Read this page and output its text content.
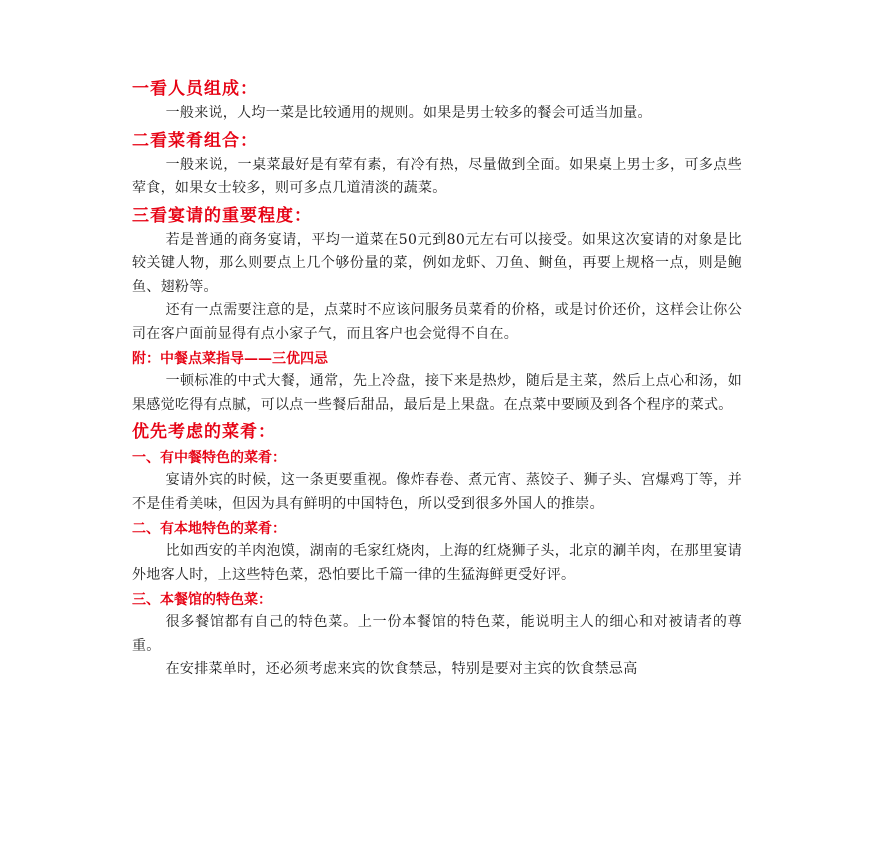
一看人员组成：

一般来说，人均一菜是比较通用的规则。如果是男士较多的餐会可适当加量。

二看菜肴组合：

一般来说，一桌菜最好是有荤有素，有冷有热，尽量做到全面。如果桌上男士多，可多点些荤食，如果女士较多，则可多点几道清淡的蔬菜。

三看宴请的重要程度：

若是普通的商务宴请，平均一道菜在50元到80元左右可以接受。如果这次宴请的对象是比较关键人物，那么则要点上几个够份量的菜，例如龙虾、刀鱼、鲥鱼，再要上规格一点，则是鲍鱼、翅粉等。

还有一点需要注意的是，点菜时不应该问服务员菜肴的价格，或是讨价还价，这样会让你公司在客户面前显得有点小家子气，而且客户也会觉得不自在。

附：中餐点菜指导——三优四忌

一顿标准的中式大餐，通常，先上冷盘，接下来是热炒，随后是主菜，然后上点心和汤，如果感觉吃得有点腻，可以点一些餐后甜品，最后是上果盘。在点菜中要顾及到各个程序的菜式。

优先考虑的菜肴：
一、有中餐特色的菜肴：

宴请外宾的时候，这一条更要重视。像炸春卷、煮元宵、蒸饺子、狮子头、宫爆鸡丁等，并不是佳肴美味，但因为具有鲜明的中国特色，所以受到很多外国人的推崇。

二、有本地特色的菜肴：

比如西安的羊肉泡馍，湖南的毛家红烧肉，上海的红烧狮子头，北京的涮羊肉，在那里宴请外地客人时，上这些特色菜，恐怕要比千篇一律的生猛海鲜更受好评。

三、本餐馆的特色菜：

很多餐馆都有自己的特色菜。上一份本餐馆的特色菜，能说明主人的细心和对被请者的尊重。

在安排菜单时，还必须考虑来宾的饮食禁忌，特别是要对主宾的饮食禁忌高
